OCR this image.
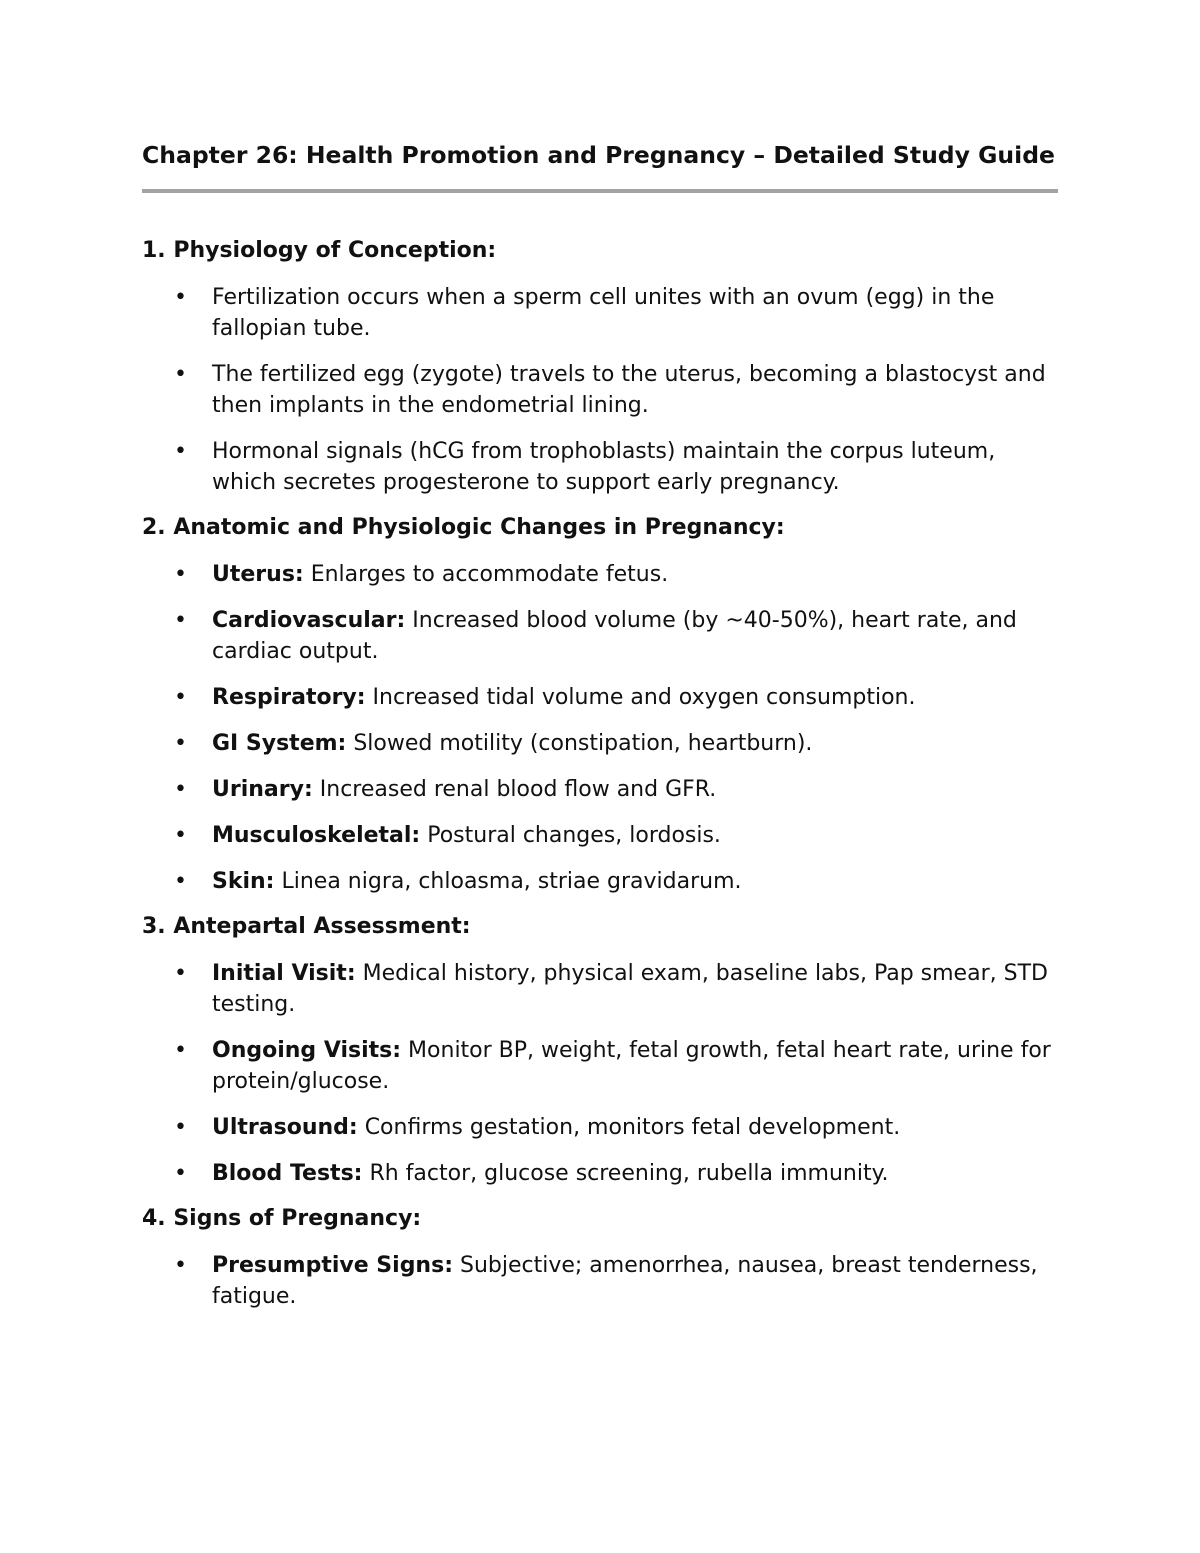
Chapter 26: Health Promotion and Pregnancy – Detailed Study Guide
1. Physiology of Conception:
• Fertilization occurs when a sperm cell unites with an ovum (egg) in the fallopian tube.
• The fertilized egg (zygote) travels to the uterus, becoming a blastocyst and then implants in the endometrial lining.
• Hormonal signals (hCG from trophoblasts) maintain the corpus luteum, which secretes progesterone to support early pregnancy.
2. Anatomic and Physiologic Changes in Pregnancy:
• Uterus: Enlarges to accommodate fetus.
• Cardiovascular: Increased blood volume (by ~40-50%), heart rate, and cardiac output.
• Respiratory: Increased tidal volume and oxygen consumption.
• GI System: Slowed motility (constipation, heartburn).
• Urinary: Increased renal blood flow and GFR.
• Musculoskeletal: Postural changes, lordosis.
• Skin: Linea nigra, chloasma, striae gravidarum.
3. Antepartal Assessment:
• Initial Visit: Medical history, physical exam, baseline labs, Pap smear, STD testing.
• Ongoing Visits: Monitor BP, weight, fetal growth, fetal heart rate, urine for protein/glucose.
• Ultrasound: Confirms gestation, monitors fetal development.
• Blood Tests: Rh factor, glucose screening, rubella immunity.
4. Signs of Pregnancy:
• Presumptive Signs: Subjective; amenorrhea, nausea, breast tenderness, fatigue.
